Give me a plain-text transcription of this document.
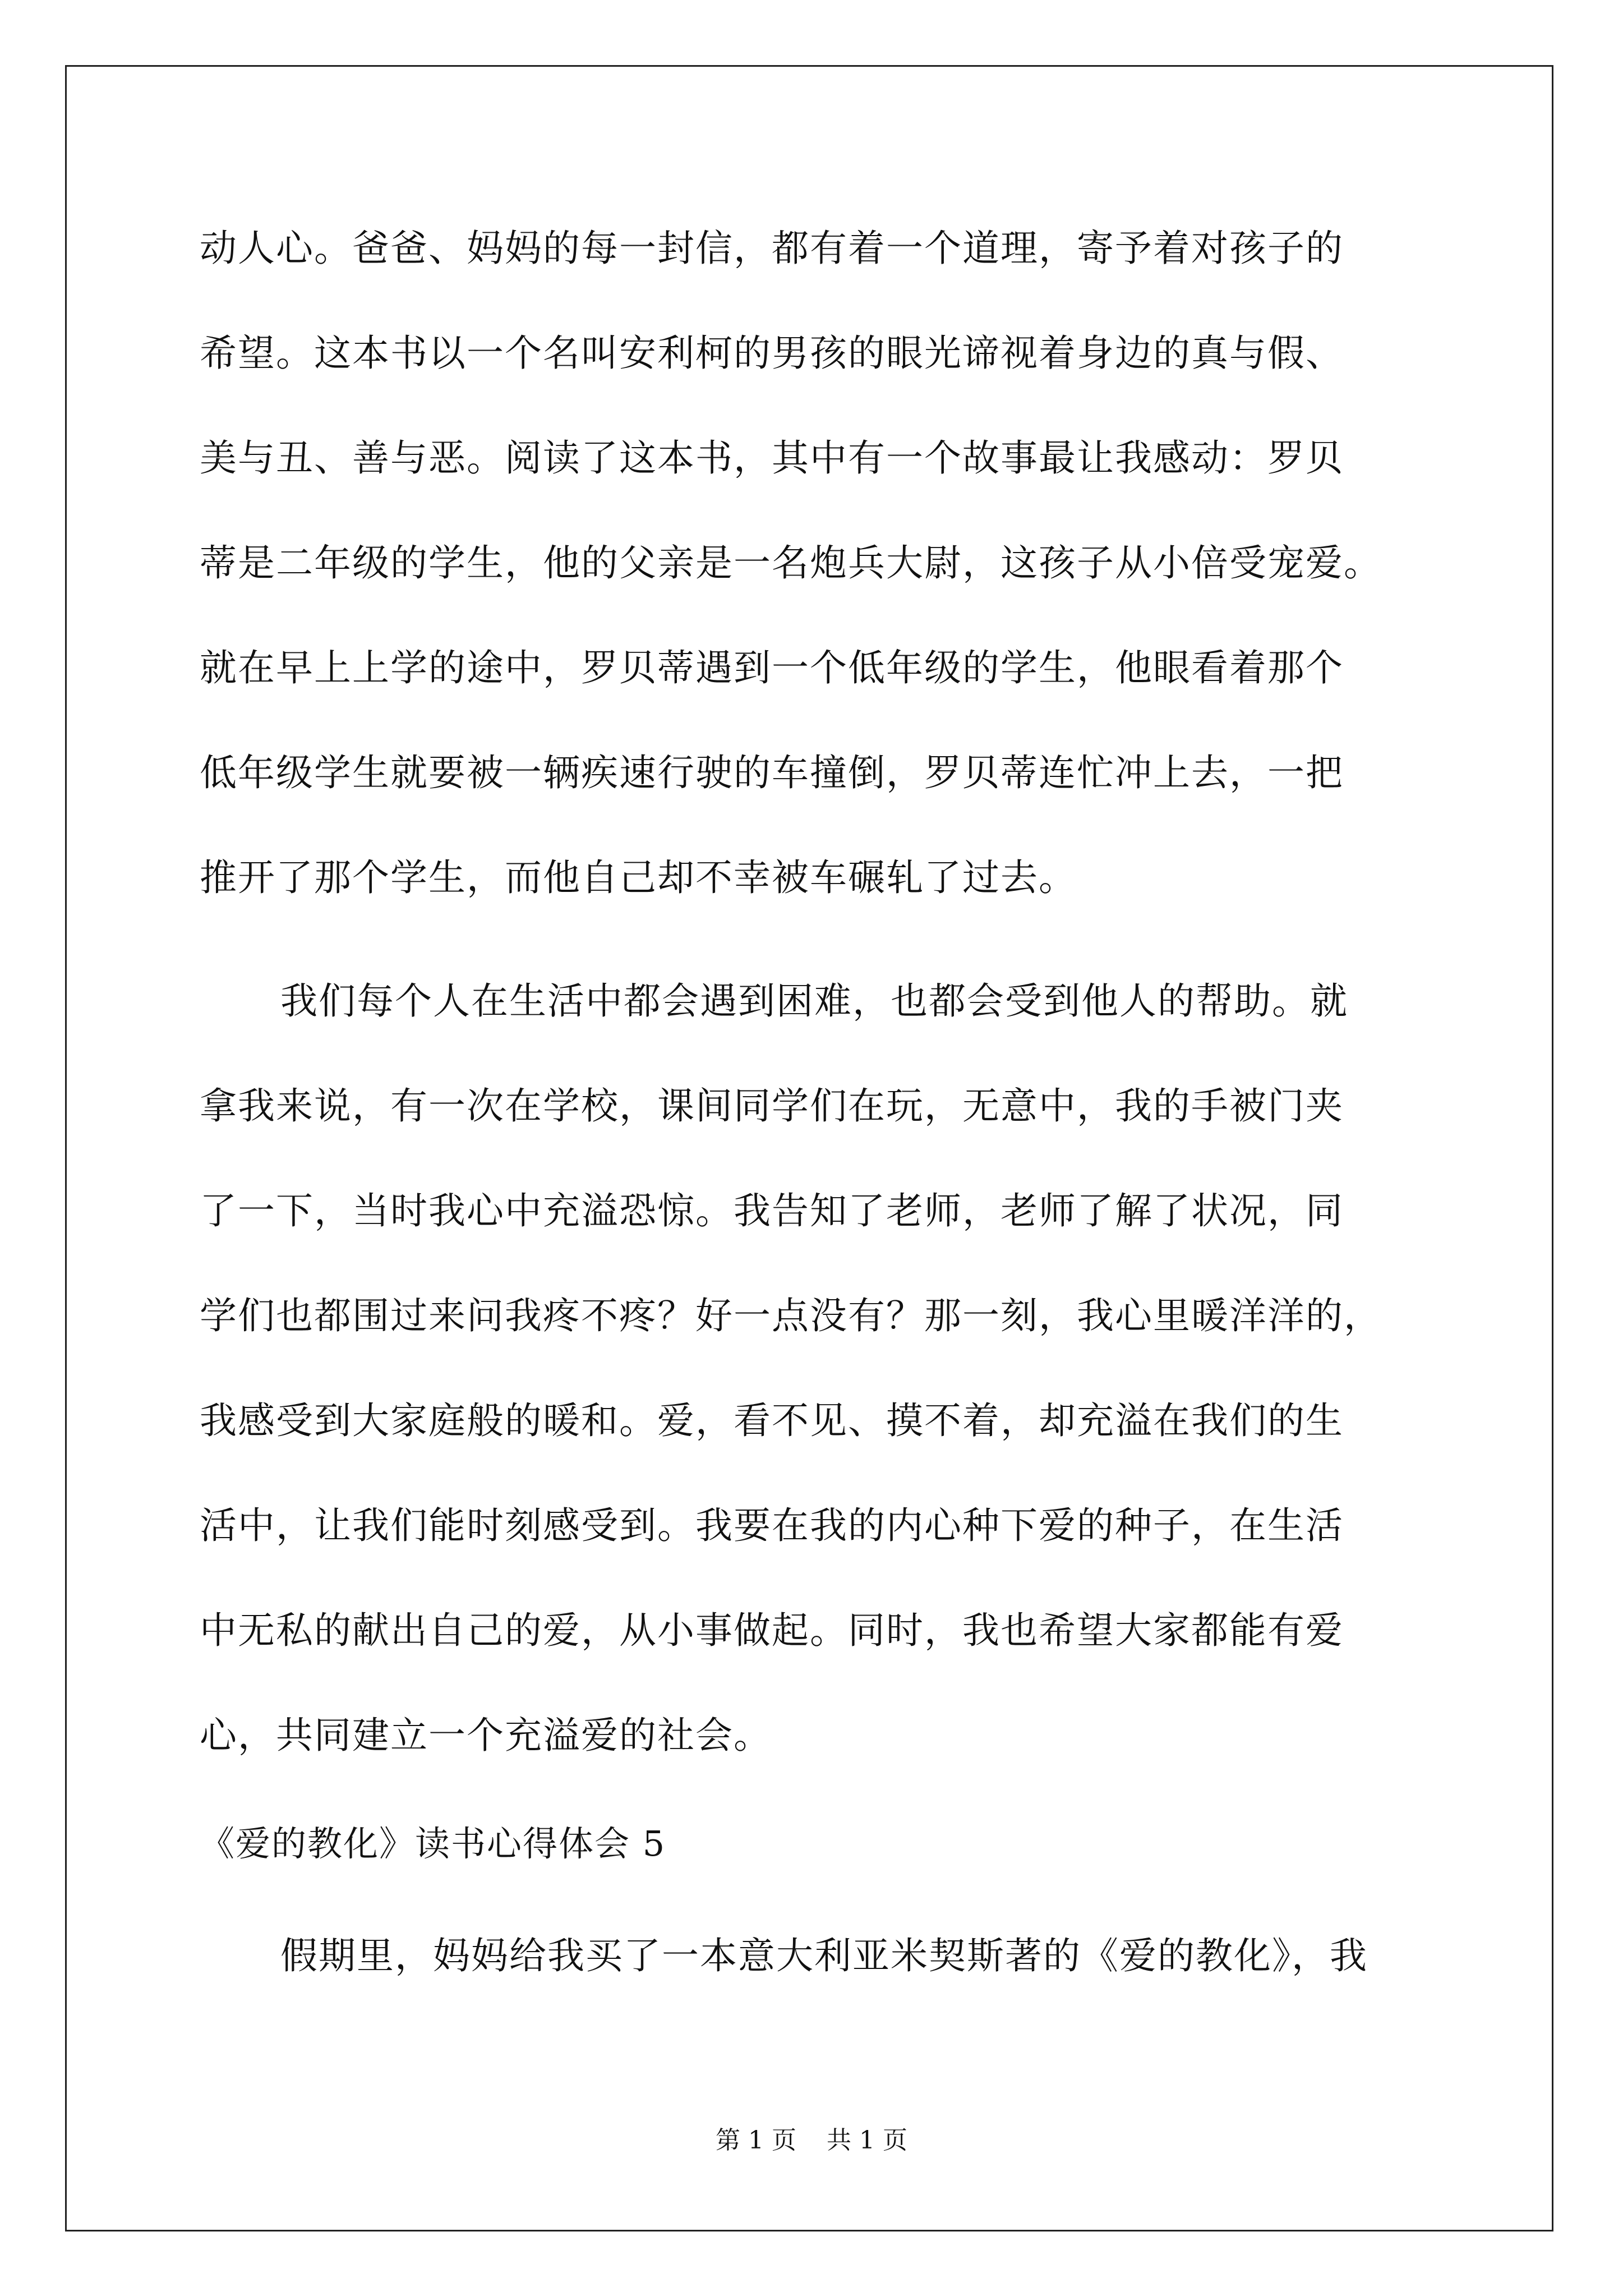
动人心。爸爸、妈妈的每一封信，都有着一个道理，寄予着对孩子的
希望。这本书以一个名叫安利柯的男孩的眼光谛视着身边的真与假、
美与丑、善与恶。阅读了这本书，其中有一个故事最让我感动：罗贝
蒂是二年级的学生，他的父亲是一名炮兵大尉，这孩子从小倍受宠爱。
就在早上上学的途中，罗贝蒂遇到一个低年级的学生，他眼看着那个
低年级学生就要被一辆疾速行驶的车撞倒，罗贝蒂连忙冲上去，一把
推开了那个学生，而他自己却不幸被车碾轧了过去。
我们每个人在生活中都会遇到困难，也都会受到他人的帮助。就
拿我来说，有一次在学校，课间同学们在玩，无意中，我的手被门夹
了一下，当时我心中充溢恐惊。我告知了老师，老师了解了状况，同
学们也都围过来问我疼不疼？好一点没有？那一刻，我心里暖洋洋的，
我感受到大家庭般的暖和。爱，看不见、摸不着，却充溢在我们的生
活中，让我们能时刻感受到。我要在我的内心种下爱的种子，在生活
中无私的献出自己的爱，从小事做起。同时，我也希望大家都能有爱
心，共同建立一个充溢爱的社会。
《爱的教化》读书心得体会 5
假期里，妈妈给我买了一本意大利亚米契斯著的《爱的教化》，我
第 1 页 共 1 页
